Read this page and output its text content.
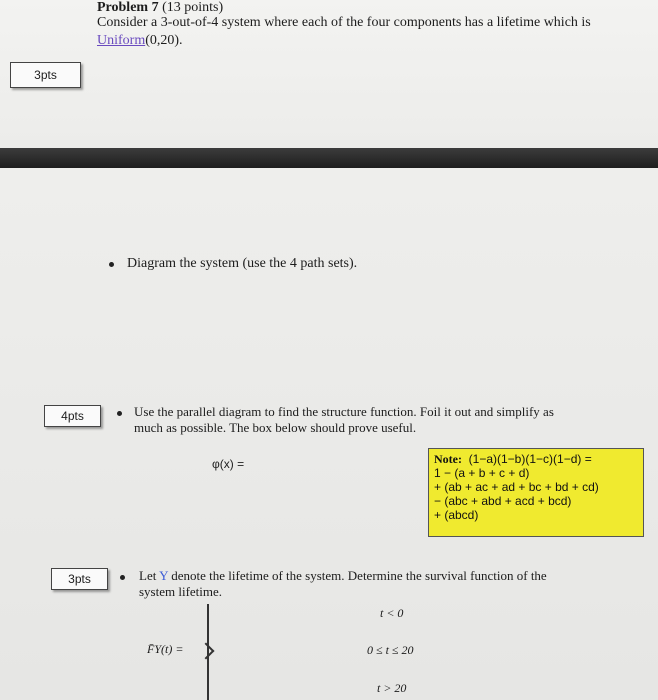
Problem 7 (13 points)
Consider a 3-out-of-4 system where each of the four components has a lifetime which is
Uniform(0,20).
3pts
Diagram the system (use the 4 path sets).
4pts	Use the parallel diagram to find the structure function. Foil it out and simplify as
much as possible. The box below should prove useful.
φ(x) =	Note: (1−a)(1−b)(1−c)(1−d) =
1 − (a + b + c + d)
+ (ab + ac + ad + bc + bd + cd)
− (abc + abd + acd + bcd)
+ (abcd)
3pts	Let Y denote the lifetime of the system. Determine the survival function of the
system lifetime.
t < 0
F̄Y(t) =	0 ≤ t ≤ 20
t > 20
